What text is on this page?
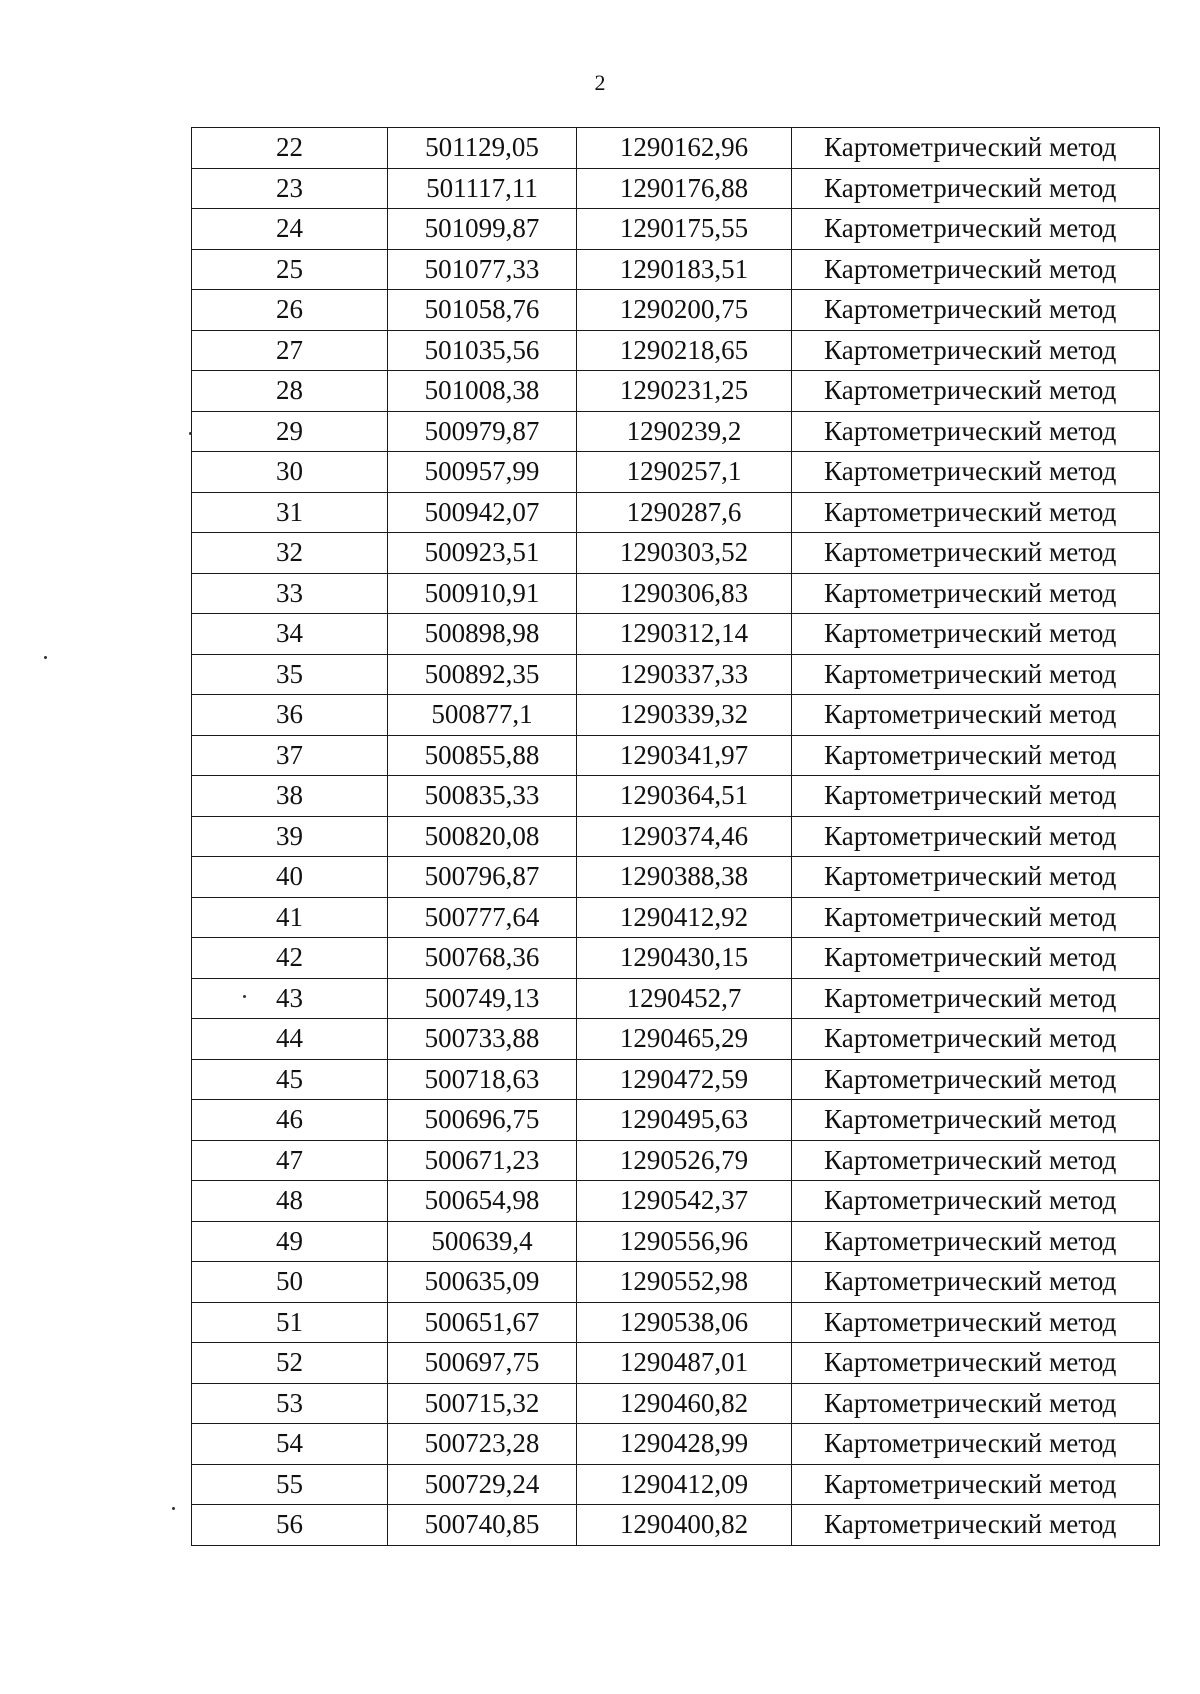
2
22	501129,05	1290162,96	Картометрический метод
23	501117,11	1290176,88	Картометрический метод
24	501099,87	1290175,55	Картометрический метод
25	501077,33	1290183,51	Картометрический метод
26	501058,76	1290200,75	Картометрический метод
27	501035,56	1290218,65	Картометрический метод
28	501008,38	1290231,25	Картометрический метод
29	500979,87	1290239,2	Картометрический метод
30	500957,99	1290257,1	Картометрический метод
31	500942,07	1290287,6	Картометрический метод
32	500923,51	1290303,52	Картометрический метод
33	500910,91	1290306,83	Картометрический метод
34	500898,98	1290312,14	Картометрический метод
35	500892,35	1290337,33	Картометрический метод
36	500877,1	1290339,32	Картометрический метод
37	500855,88	1290341,97	Картометрический метод
38	500835,33	1290364,51	Картометрический метод
39	500820,08	1290374,46	Картометрический метод
40	500796,87	1290388,38	Картометрический метод
41	500777,64	1290412,92	Картометрический метод
42	500768,36	1290430,15	Картометрический метод
43	500749,13	1290452,7	Картометрический метод
44	500733,88	1290465,29	Картометрический метод
45	500718,63	1290472,59	Картометрический метод
46	500696,75	1290495,63	Картометрический метод
47	500671,23	1290526,79	Картометрический метод
48	500654,98	1290542,37	Картометрический метод
49	500639,4	1290556,96	Картометрический метод
50	500635,09	1290552,98	Картометрический метод
51	500651,67	1290538,06	Картометрический метод
52	500697,75	1290487,01	Картометрический метод
53	500715,32	1290460,82	Картометрический метод
54	500723,28	1290428,99	Картометрический метод
55	500729,24	1290412,09	Картометрический метод
56	500740,85	1290400,82	Картометрический метод
